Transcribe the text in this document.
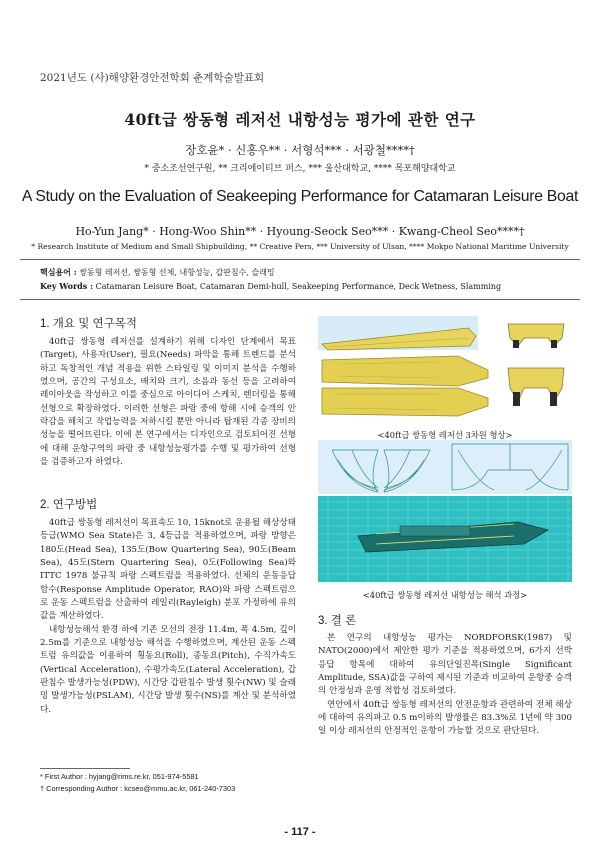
2021년도 (사)해양환경안전학회 춘계학술발표회
40ft급 쌍동형 레저선 내항성능 평가에 관한 연구
장호윤* · 신홍우** · 서형석*** · 서광철****†
* 중소조선연구원, ** 크리에이티브 퍼스, *** 울산대학교, **** 목포해양대학교
A Study on the Evaluation of Seakeeping Performance for Catamaran Leisure Boat
Ho-Yun Jang* · Hong-Woo Shin** · Hyoung-Seock Seo*** · Kwang-Cheol Seo****†
* Research Institute of Medium and Small Shipbuilding, ** Creative Pers, *** University of Ulsan, **** Mokpo National Maritime University
핵심용어 : 쌍동형 레저선, 쌍동형 선체, 내항성능, 갑판침수, 슬래밍
Key Words : Catamaran Leisure Boat, Catamaran Demi-hull, Seakeeping Performance, Deck Wetness, Slamming
1. 개요 및 연구목적

40ft급 쌍동형 레저선를 설계하기 위해 디자인 단계에서 목표(Target), 사용자(User), 필요(Needs) 파악을 통해 트렌드를 분석하고 독창적인 개념 적용을 위한 스타일링 및 이미지 분석을 수행하였으며, 공간의 구성요소, 배치와 크기, 소음과 동선 등을 고려하여 레이아웃을 작성하고 이를 중심으로 아이디어 스케치, 렌더링을 통해 선형으로 확장하였다. 이러한 선형은 파랑 중에 항해 시에 승객의 안락감을 해치고 작업능력을 저하시킬 뿐만 아니라 탑재된 각종 장비의 성능을 떨어뜨린다. 이에 본 연구에서는 디자인으로 검토되어진 선형에 대해 운항구역의 파랑 중 내항성능평가를 수행 및 평가하여 선형을 검증하고자 하였다.

2. 연구방법

40ft급 쌍동형 레저선이 목표속도 10, 15knot로 운용될 해상상태 등급(WMO Sea State)은 3, 4등급을 적용하였으며, 파랑 방향은 180도(Head Sea), 135도(Bow Quartering Sea), 90도(Beam Sea), 45도(Stern Quartering Sea), 0도(Following Sea)와 ITTC 1978 불규칙 파랑 스펙트럼을 적용하였다. 선체의 운동응답함수(Response Amplitude Operator, RAO)와 파랑 스펙트럼으로 운동 스펙트럼을 산출하여 레일리(Rayleigh) 분포 가정하에 유의값을 계산하였다.

내항성능해석 환경 하에 기존 모선의 전장 11.4m, 폭 4.5m, 깊이 2.5m를 기준으로 내항성능 해석을 수행하였으며, 계산된 운동 스펙트럼 유의값을 이용하여 횡동요(Roll), 종동요(Pitch), 수직가속도(Vertical Acceleration), 수평가속도(Lateral Acceleration), 갑판침수 발생가능성(PDW), 시간당 갑판침수 발생 횟수(NW) 및 슬래밍 발생가능성(PSLAM), 시간당 발생 횟수(NS)를 계산 및 분석하였다.

<40ft급 쌍동형 레저선 3차원 형상>
<40ft급 쌍동형 레저선 내항성능 해석 과정>
3. 결 론

본 연구의 내항성능 평가는 NORDFORSK(1987) 및 NATO(2000)에서 제안한 평가 기준을 적용하였으며, 6가지 선박 응답 항목에 대하여 유의단일진폭(Single Significant Amplitude, SSA)값을 구하여 제시된 기준과 비교하여 운항중 승객의 안정성과 운영 적합성 검토하였다.

연안에서 40ft급 쌍동형 레저선의 안전운항과 관련하여 전체 해상에 대하여 유의파고 0.5 m이하의 발생률은 83.3%로 1년에 약 300일 이상 레저선의 안정적인 운항이 가능할 것으로 판단된다.

* First Author : hyjang@rims.re.kr, 051-974-5581
† Corresponding Author : kcseo@mmu.ac.kr, 061-240-7303
- 117 -
